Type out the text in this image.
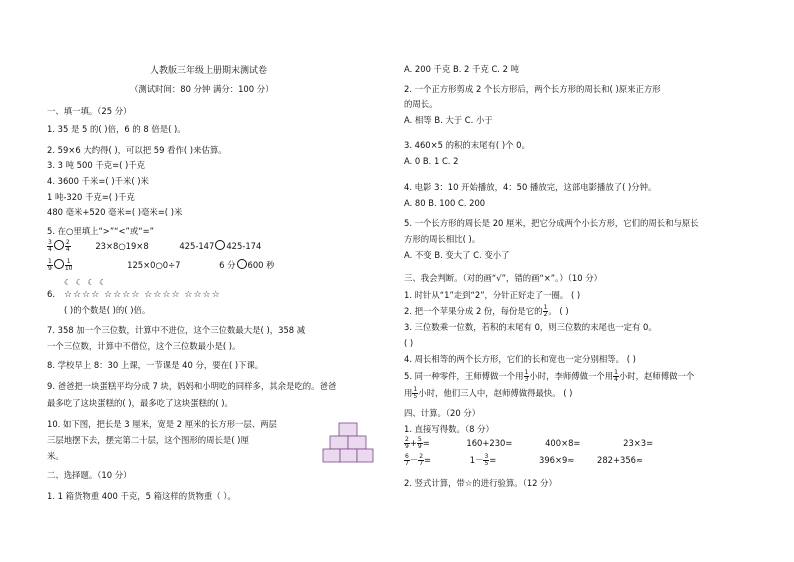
人教版三年级上册期末测试卷
（测试时间：80 分钟 满分：100 分）
一、填一填。（25 分）
1. 35 是 5 的( )倍，6 的 8 倍是( )。
2. 59×6 大约得( )，可以把 59 看作( )来估算。
3. 3 吨 500 千克=( )千克
4. 3600 千米=( )千米( )米
1 吨-320 千克=( )千克
480 毫米+520 毫米=( )毫米=( )米
5. 在○里填上“>”“<”或“=”
$\frac{3}{4} \frac{2}{4}$	23×8○19×8	425-147 425-174
$\frac{1}{9} \frac{1}{10}$	125×0○0÷7	6 分 600 秒
☾ ☾ ☾ ☾
6. ☆☆☆☆ ☆☆☆☆ ☆☆☆☆ ☆☆☆☆
( )的个数是( )的( )倍。
7. 358 加一个三位数，计算中不进位，这个三位数最大是( )，358 减
一个三位数，计算中不借位，这个三位数最小是( )。
8. 学校早上 8：30 上课，一节课是 40 分，要在( )下课。
9. 爸爸把一块蛋糕平均分成 7 块，妈妈和小明吃的同样多，其余是吃的。爸爸
最多吃了这块蛋糕的( )，最多吃了这块蛋糕的( )。
10. 如下图，把长是 3 厘米，宽是 2 厘米的长方形一层、两层
三层地摆下去，摆完第二十层，这个图形的周长是( )厘
米。
二、选择题。（10 分）
1. 1 箱货物重 400 千克，5 箱这样的货物重（ ）。
A. 200 千克 B. 2 千克 C. 2 吨
2. 一个正方形剪成 2 个长方形后，两个长方形的周长和( )原来正方形
的周长。
A. 相等 B. 大于 C. 小于
3. 460×5 的积的末尾有( )个 0。
A. 0 B. 1 C. 2
4. 电影 3：10 开始播放，4：50 播放完，这部电影播放了( )分钟。
A. 80 B. 100 C. 200
5. 一个长方形的周长是 20 厘米，把它分成两个小长方形，它们的周长和与原长
方形的周长相比( )。
A. 不变 B. 变大了 C. 变小了
三、我会判断。（对的画“√”，错的画“×”。）（10 分）
1. 时针从“1”走到“2”，分针正好走了一圈。 ( )
2. 把一个苹果分成 2 份，每份是它的 $\frac{1}{2}$ 。 ( )
3. 三位数乘一位数，若积的末尾有 0，则三位数的末尾也一定有 0。
( )
4. 周长相等的两个长方形，它们的长和宽也一定分别相等。 ( )
5. 同一种零件，王师傅做一个用 $\frac{1}{3}$ 小时，李师傅做一个用 $\frac{1}{4}$ 小时，赵师傅做一个
用 $\frac{1}{5}$ 小时，他们三人中，赵师傅做得最快。 ( )
四、计算。（20 分）
1. 直接写得数。（8 分）
$\frac{2}{9} + \frac{5}{9}$ =	160+230=	400×8=	23×3=
$\frac{6}{7} - \frac{2}{7}$ =	$1- \frac{3}{5}$ =	396×9≈	282+356≈
2. 竖式计算，带☆的进行验算。（12 分）
